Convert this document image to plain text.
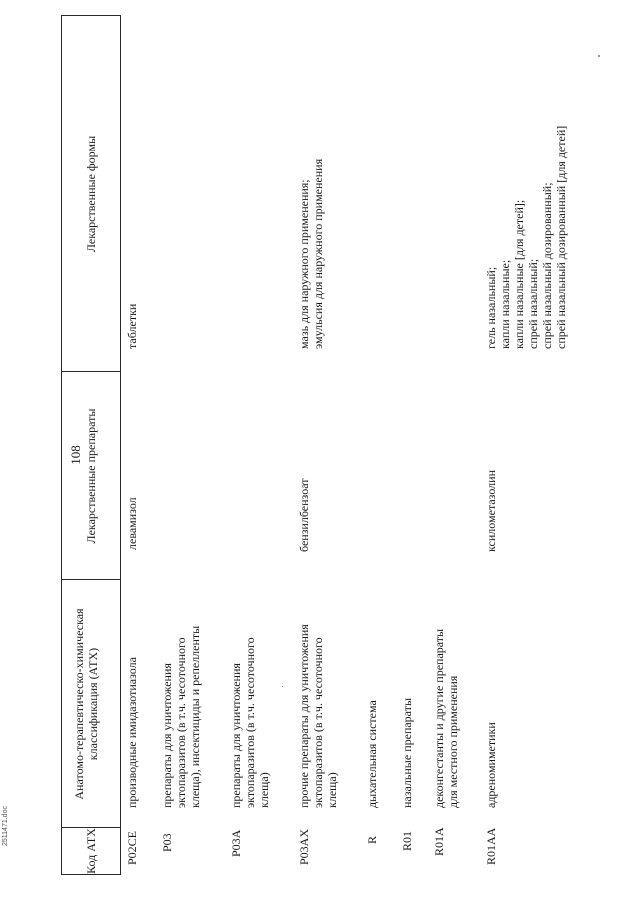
108
Код АТХ
Анатомо-терапевтическо-химическая классификация (АТХ)
Лекарственные препараты
Лекарственные формы
P02CE
производные имидазотиазола
левамизол
таблетки
P03
препараты для уничтожения эктопаразитов (в т.ч. чесоточного клеща), инсектициды и репелленты
P03A
препараты для уничтожения эктопаразитов (в т.ч. чесоточного клеща)
P03AX
прочие препараты для уничтожения эктопаразитов (в т.ч. чесоточного клеща)
бензилбензоат
мазь для наружного применения; эмульсия для наружного применения
R
дыхательная система
R01
назальные препараты
R01A
деконгестанты и другие препараты для местного применения
R01AA
адреномиметики
ксилометазолин
гель назальный; капли назальные; капли назальные [для детей]; спрей назальный; спрей назальный дозированный; спрей назальный дозированный [для детей]
2511471.doc
